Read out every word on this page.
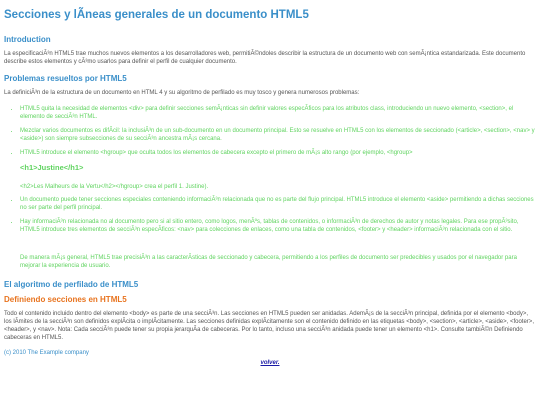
Secciones y lÃneas generales de un documento HTML5
Introduction

La especificaciÃ³n HTML5 trae muchos nuevos elementos a los desarrolladores web, permitiÃ©ndoles describir la estructura de un documento web con semÃ¡ntica estandarizada. Este documento describe estos elementos y cÃ³mo usarlos para definir el perfil de cualquier documento.

Problemas resueltos por HTML5

La definiciÃ³n de la estructura de un documento en HTML 4 y su algoritmo de perfilado es muy tosco y genera numerosos problemas:

• HTML5 quita la necesidad de elementos <div> para definir secciones semÃ¡nticas sin definir valores especÃficos para los atributos class, introduciendo un nuevo elemento, <section>, el elemento de secciÃ³n HTML.
• Mezclar varios documentos es difÃcil: la inclusiÃ³n de un sub-documento en un documento principal. Esto se resuelve en HTML5 con los elementos de seccionado (<article>, <section>, <nav> y <aside>) son siempre subsecciones de su secciÃ³n ancestra mÃ¡s cercana.
• HTML5 introduce el elemento <hgroup> que oculta todos los elementos de cabecera excepto el primero de mÃ¡s alto rango (por ejemplo, <hgroup>
<h1>Justine</h1>
<h2>Les Malheurs de la Vertu</h2></hgroup> crea el perfil 1. Justine).
• Un documento puede tener secciones especiales conteniendo informaciÃ³n relacionada que no es parte del flujo principal. HTML5 introduce el elemento <aside> permitiendo a dichas secciones no ser parte del perfil principal.
• Hay informaciÃ³n relacionada no al documento pero si al sitio entero, como logos, menÃºs, tablas de contenidos, o informaciÃ³n de derechos de autor y notas legales. Para ese propÃ³sito, HTML5 introduce tres elementos de secciÃ³n especÃficos: <nav> para colecciones de enlaces, como una tabla de contenidos, <footer> y <header> informaciÃ³n relacionada con el sitio.

De manera mÃ¡s general, HTML5 trae precisiÃ³n a las caracterÃsticas de seccionado y cabecera, permitiendo a los perfiles de documento ser predecibles y usados por el navegador para mejorar la experiencia de usuario.

El algoritmo de perfilado de HTML5
Definiendo secciones en HTML5

Todo el contenido incluido dentro del elemento <body> es parte de una secciÃ³n. Las secciones en HTML5 pueden ser anidadas. AdemÃ¡s de la secciÃ³n principal, definida por el elemento <body>, los lÃmites de la secciÃ³n son definidos explÃcita o implÃcitamente. Las secciones definidas explÃcitamente son el contenido definido en las etiquetas <body>, <section>, <article>, <aside>, <footer>, <header>, y <nav>. Nota: Cada secciÃ³n puede tener su propia jerarquÃa de cabeceras. Por lo tanto, incluso una secciÃ³n anidada puede tener un elemento <h1>. Consulte tambiÃ©n Definiendo cabeceras en HTML5.

(c) 2010 The Example company
volver.
